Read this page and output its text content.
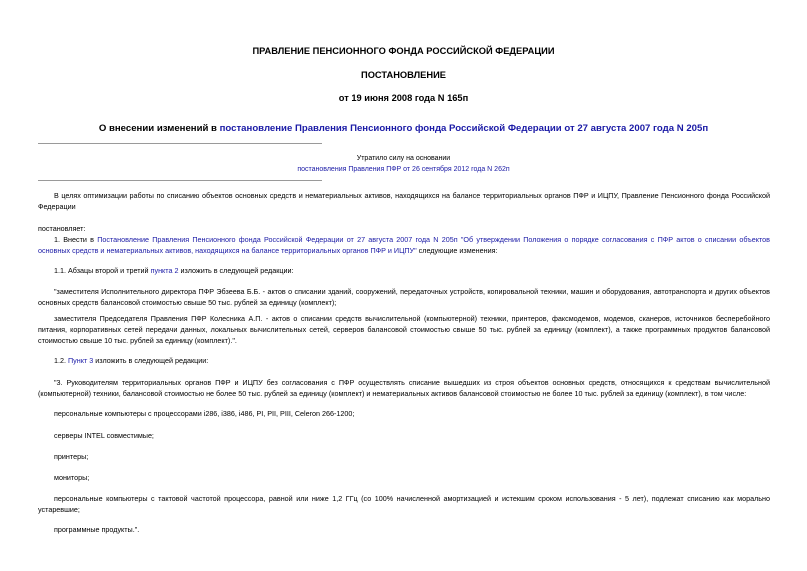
ПРАВЛЕНИЕ ПЕНСИОННОГО ФОНДА РОССИЙСКОЙ ФЕДЕРАЦИИ
ПОСТАНОВЛЕНИЕ
от 19 июня 2008 года N 165п
О внесении изменений в постановление Правления Пенсионного фонда Российской Федерации от 27 августа 2007 года N 205п
Утратило силу на основании
постановления Правления ПФР от 26 сентября 2012 года N 262п
В целях оптимизации работы по списанию объектов основных средств и нематериальных активов, находящихся на балансе территориальных органов ПФР и ИЦПУ, Правление Пенсионного фонда Российской Федерации
постановляет:
1. Внести в Постановление Правления Пенсионного фонда Российской Федерации от 27 августа 2007 года N 205п "Об утверждении Положения о порядке согласования с ПФР актов о списании объектов основных средств и нематериальных активов, находящихся на балансе территориальных органов ПФР и ИЦПУ" следующие изменения:
1.1. Абзацы второй и третий пункта 2 изложить в следующей редакции:
"заместителя Исполнительного директора ПФР Эбзеева Б.Б. - актов о списании зданий, сооружений, передаточных устройств, копировальной техники, машин и оборудования, автотранспорта и других объектов основных средств балансовой стоимостью свыше 50 тыс. рублей за единицу (комплект);
заместителя Председателя Правления ПФР Колесника А.П. - актов о списании средств вычислительной (компьютерной) техники, принтеров, факсмодемов, модемов, сканеров, источников бесперебойного питания, корпоративных сетей передачи данных, локальных вычислительных сетей, серверов балансовой стоимостью свыше 50 тыс. рублей за единицу (комплект), а также программных продуктов балансовой стоимостью свыше 10 тыс. рублей за единицу (комплект).".
1.2. Пункт 3 изложить в следующей редакции:
"3. Руководителям территориальных органов ПФР и ИЦПУ без согласования с ПФР осуществлять списание вышедших из строя объектов основных средств, относящихся к средствам вычислительной (компьютерной) техники, балансовой стоимостью не более 50 тыс. рублей за единицу (комплект) и нематериальных активов балансовой стоимостью не более 10 тыс. рублей за единицу (комплект), в том числе:
персональные компьютеры с процессорами i286, i386, i486, PI, PII, PIII, Celeron 266-1200;
серверы INTEL совместимые;
принтеры;
мониторы;
персональные компьютеры с тактовой частотой процессора, равной или ниже 1,2 ГГц (со 100% начисленной амортизацией и истекшим сроком использования - 5 лет), подлежат списанию как морально устаревшие;
программные продукты.".
